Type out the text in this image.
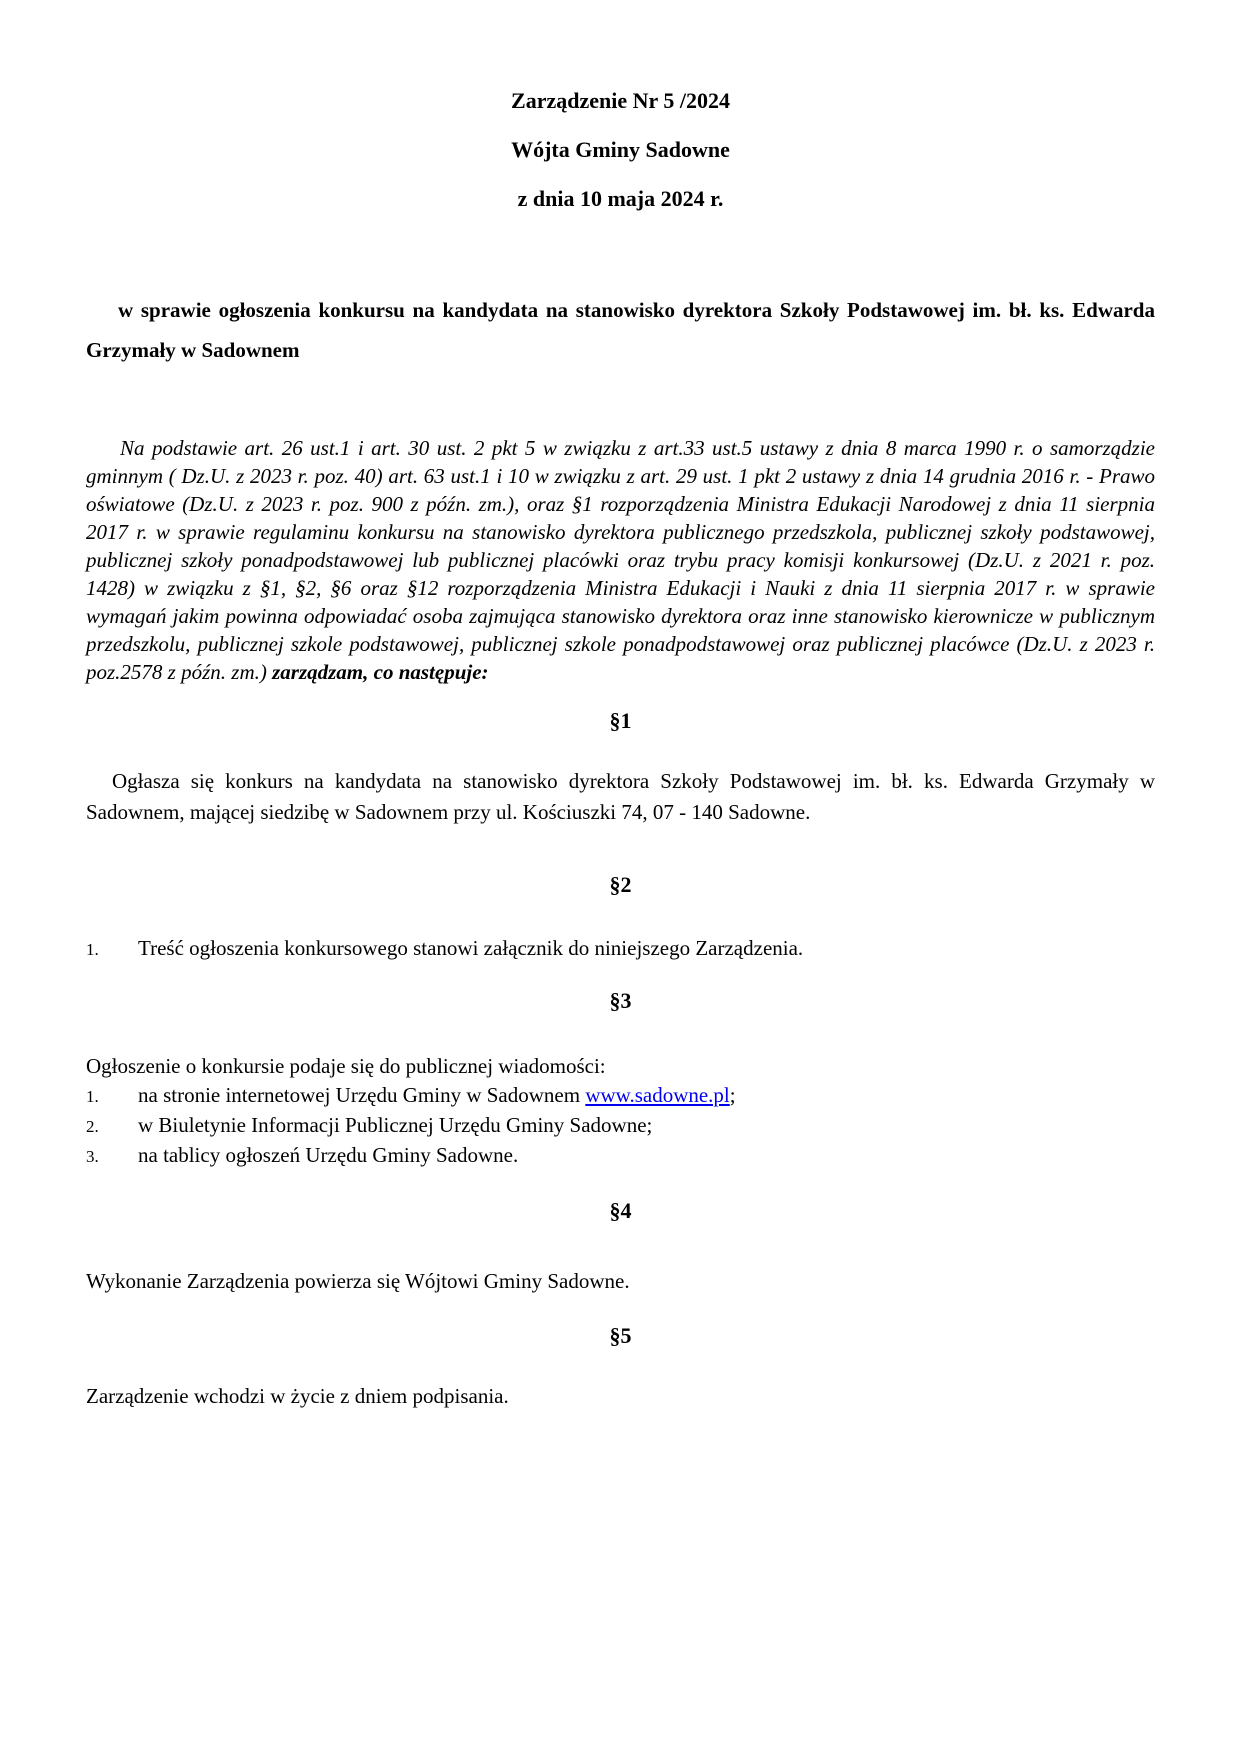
Zarządzenie Nr 5 /2024
Wójta Gminy Sadowne
z dnia 10 maja 2024 r.

w sprawie ogłoszenia konkursu na kandydata na stanowisko dyrektora Szkoły Podstawowej im. bł. ks. Edwarda Grzymały w Sadownem

Na podstawie art. 26 ust.1 i art. 30 ust. 2 pkt 5 w związku z art.33 ust.5 ustawy z dnia 8 marca 1990 r. o samorządzie gminnym ( Dz.U. z 2023 r. poz. 40) art. 63 ust.1 i 10 w związku z art. 29 ust. 1 pkt 2 ustawy z dnia 14 grudnia 2016 r. - Prawo oświatowe (Dz.U. z 2023 r. poz. 900 z późn. zm.), oraz §1 rozporządzenia Ministra Edukacji Narodowej z dnia 11 sierpnia 2017 r. w sprawie regulaminu konkursu na stanowisko dyrektora publicznego przedszkola, publicznej szkoły podstawowej, publicznej szkoły ponadpodstawowej lub publicznej placówki oraz trybu pracy komisji konkursowej (Dz.U. z 2021 r. poz. 1428) w związku z §1, §2, §6 oraz §12 rozporządzenia Ministra Edukacji i Nauki z dnia 11 sierpnia 2017 r. w sprawie wymagań jakim powinna odpowiadać osoba zajmująca stanowisko dyrektora oraz inne stanowisko kierownicze w publicznym przedszkolu, publicznej szkole podstawowej, publicznej szkole ponadpodstawowej oraz publicznej placówce (Dz.U. z 2023 r. poz.2578 z późn. zm.) zarządzam, co następuje:

§1

Ogłasza się konkurs na kandydata na stanowisko dyrektora Szkoły Podstawowej im. bł. ks. Edwarda Grzymały w Sadownem, mającej siedzibę w Sadownem przy ul. Kościuszki 74, 07 - 140 Sadowne.

§2
1.	Treść ogłoszenia konkursowego stanowi załącznik do niniejszego Zarządzenia.
§3

Ogłoszenie o konkursie podaje się do publicznej wiadomości:

1.	na stronie internetowej Urzędu Gminy w Sadownem www.sadowne.pl;
2.	w Biuletynie Informacji Publicznej Urzędu Gminy Sadowne;
3.	na tablicy ogłoszeń Urzędu Gminy Sadowne.
§4

Wykonanie Zarządzenia powierza się Wójtowi Gminy Sadowne.

§5

Zarządzenie wchodzi w życie z dniem podpisania.
